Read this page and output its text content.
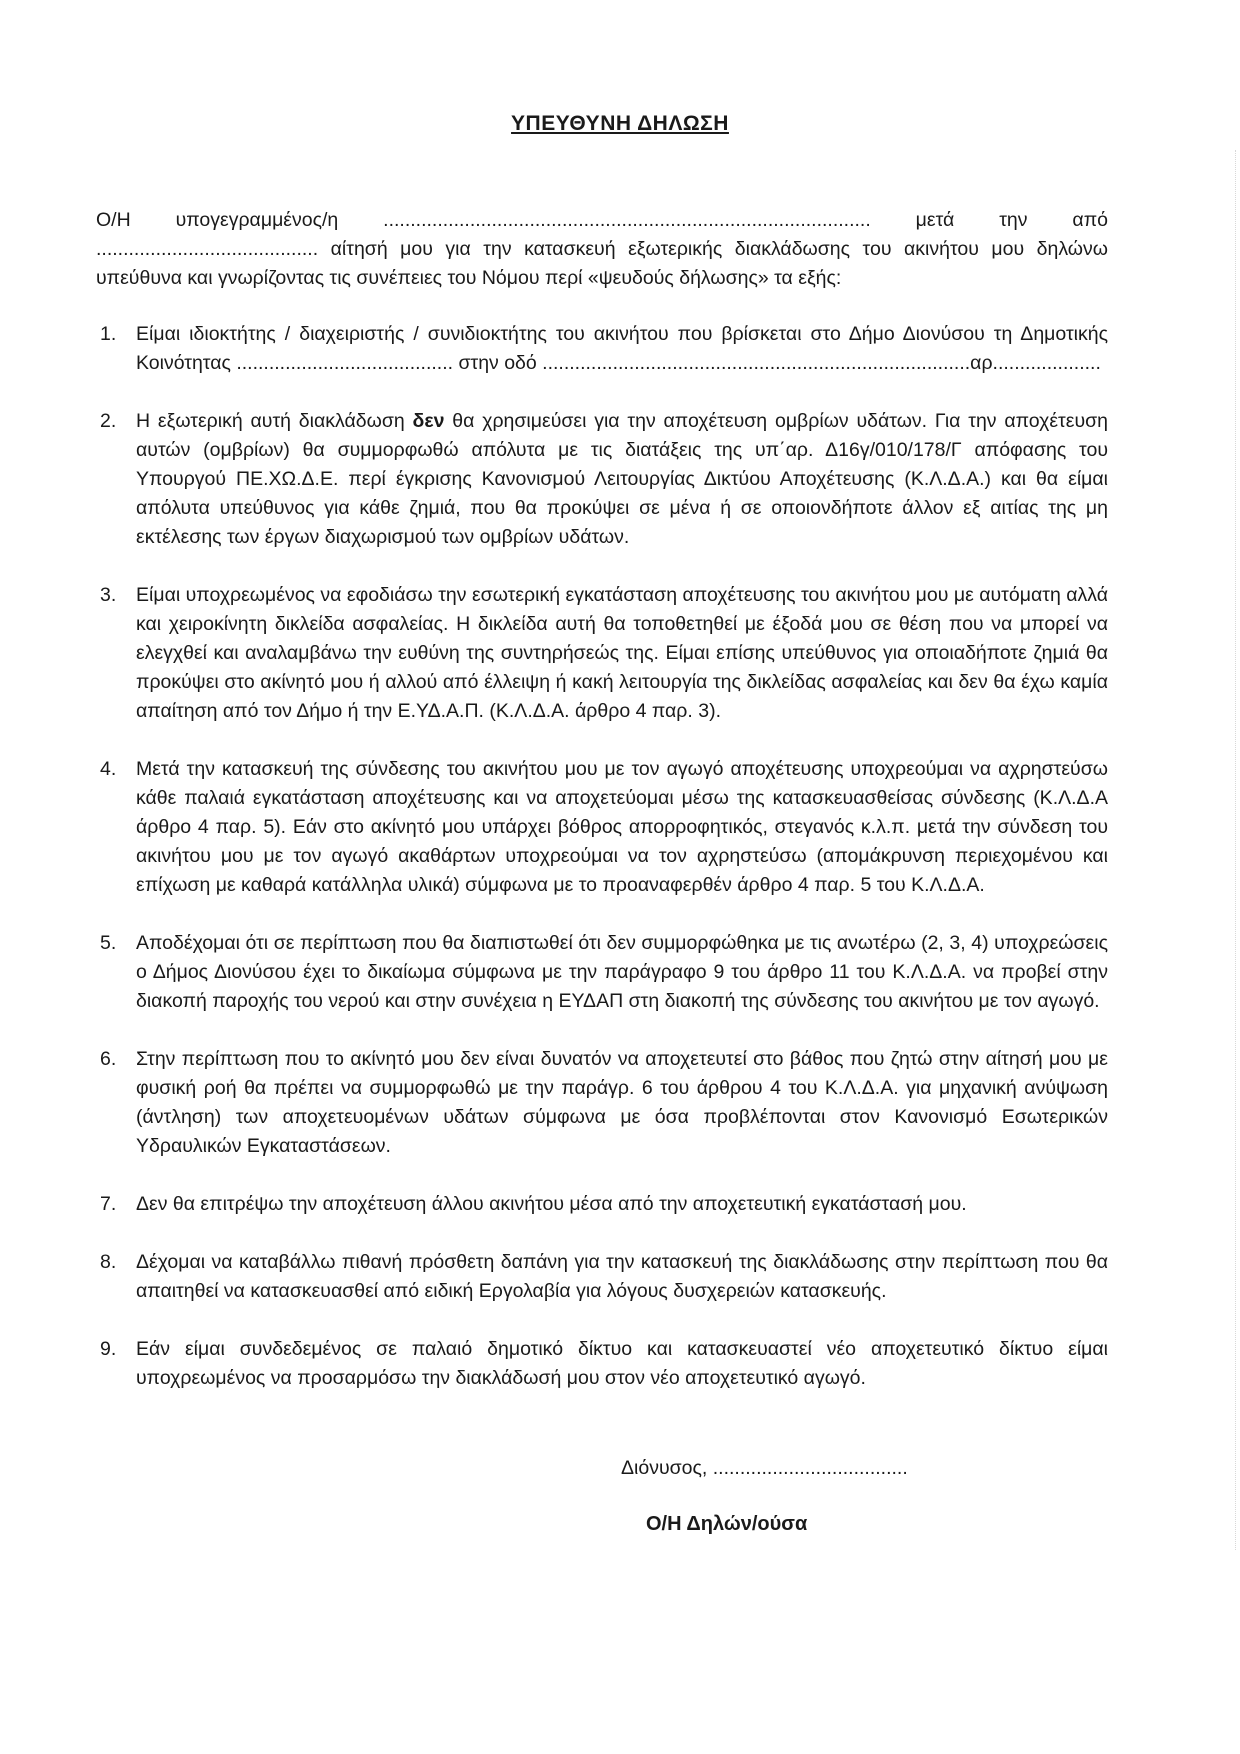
ΥΠΕΥΘΥΝΗ ΔΗΛΩΣΗ
Ο/Η υπογεγραμμένος/η .......................................................................................... μετά την από ......................................... αίτησή μου για την κατασκευή εξωτερικής διακλάδωσης του ακινήτου μου δηλώνω υπεύθυνα και γνωρίζοντας τις συνέπειες του Νόμου περί «ψευδούς δήλωσης» τα εξής:
1. Είμαι ιδιοκτήτης / διαχειριστής / συνιδιοκτήτης του ακινήτου που βρίσκεται στο Δήμο Διονύσου τη Δημοτικής Κοινότητας ........................................ στην οδό ...............................................................................αρ....................
2. Η εξωτερική αυτή διακλάδωση δεν θα χρησιμεύσει για την αποχέτευση ομβρίων υδάτων. Για την αποχέτευση αυτών (ομβρίων) θα συμμορφωθώ απόλυτα με τις διατάξεις της υπ΄αρ. Δ16γ/010/178/Γ απόφασης του Υπουργού ΠΕ.ΧΩ.Δ.Ε. περί έγκρισης Κανονισμού Λειτουργίας Δικτύου Αποχέτευσης (Κ.Λ.Δ.Α.) και θα είμαι απόλυτα υπεύθυνος για κάθε ζημιά, που θα προκύψει σε μένα ή σε οποιονδήποτε άλλον εξ αιτίας της μη εκτέλεσης των έργων διαχωρισμού των ομβρίων υδάτων.
3. Είμαι υποχρεωμένος να εφοδιάσω την εσωτερική εγκατάσταση αποχέτευσης του ακινήτου μου με αυτόματη αλλά και χειροκίνητη δικλείδα ασφαλείας. Η δικλείδα αυτή θα τοποθετηθεί με έξοδά μου σε θέση που να μπορεί να ελεγχθεί και αναλαμβάνω την ευθύνη της συντηρήσεώς της. Είμαι επίσης υπεύθυνος για οποιαδήποτε ζημιά θα προκύψει στο ακίνητό μου ή αλλού από έλλειψη ή κακή λειτουργία της δικλείδας ασφαλείας και δεν θα έχω καμία απαίτηση από τον Δήμο ή την Ε.ΥΔ.Α.Π. (Κ.Λ.Δ.Α. άρθρο 4 παρ. 3).
4. Μετά την κατασκευή της σύνδεσης του ακινήτου μου με τον αγωγό αποχέτευσης υποχρεούμαι να αχρηστεύσω κάθε παλαιά εγκατάσταση αποχέτευσης και να αποχετεύομαι μέσω της κατασκευασθείσας σύνδεσης (Κ.Λ.Δ.Α άρθρο 4 παρ. 5). Εάν στο ακίνητό μου υπάρχει βόθρος απορροφητικός, στεγανός κ.λ.π. μετά την σύνδεση του ακινήτου μου με τον αγωγό ακαθάρτων υποχρεούμαι να τον αχρηστεύσω (απομάκρυνση περιεχομένου και επίχωση με καθαρά κατάλληλα υλικά) σύμφωνα με το προαναφερθέν άρθρο 4 παρ. 5 του Κ.Λ.Δ.Α.
5. Αποδέχομαι ότι σε περίπτωση που θα διαπιστωθεί ότι δεν συμμορφώθηκα με τις ανωτέρω (2, 3, 4) υποχρεώσεις ο Δήμος Διονύσου έχει το δικαίωμα σύμφωνα με την παράγραφο 9 του άρθρο 11 του Κ.Λ.Δ.Α. να προβεί στην διακοπή παροχής του νερού και στην συνέχεια η ΕΥΔΑΠ στη διακοπή της σύνδεσης του ακινήτου με τον αγωγό.
6. Στην περίπτωση που το ακίνητό μου δεν είναι δυνατόν να αποχετευτεί στο βάθος που ζητώ στην αίτησή μου με φυσική ροή θα πρέπει να συμμορφωθώ με την παράγρ. 6 του άρθρου 4 του Κ.Λ.Δ.Α. για μηχανική ανύψωση (άντληση) των αποχετευομένων υδάτων σύμφωνα με όσα προβλέπονται στον Κανονισμό Εσωτερικών Υδραυλικών Εγκαταστάσεων.
7. Δεν θα επιτρέψω την αποχέτευση άλλου ακινήτου μέσα από την αποχετευτική εγκατάστασή μου.
8. Δέχομαι να καταβάλλω πιθανή πρόσθετη δαπάνη για την κατασκευή της διακλάδωσης στην περίπτωση που θα απαιτηθεί να κατασκευασθεί από ειδική Εργολαβία για λόγους δυσχερειών κατασκευής.
9. Εάν είμαι συνδεδεμένος σε παλαιό δημοτικό δίκτυο και κατασκευαστεί νέο αποχετευτικό δίκτυο είμαι υποχρεωμένος να προσαρμόσω την διακλάδωσή μου στον νέο αποχετευτικό αγωγό.
Διόνυσος, ....................................
Ο/Η Δηλών/ούσα
